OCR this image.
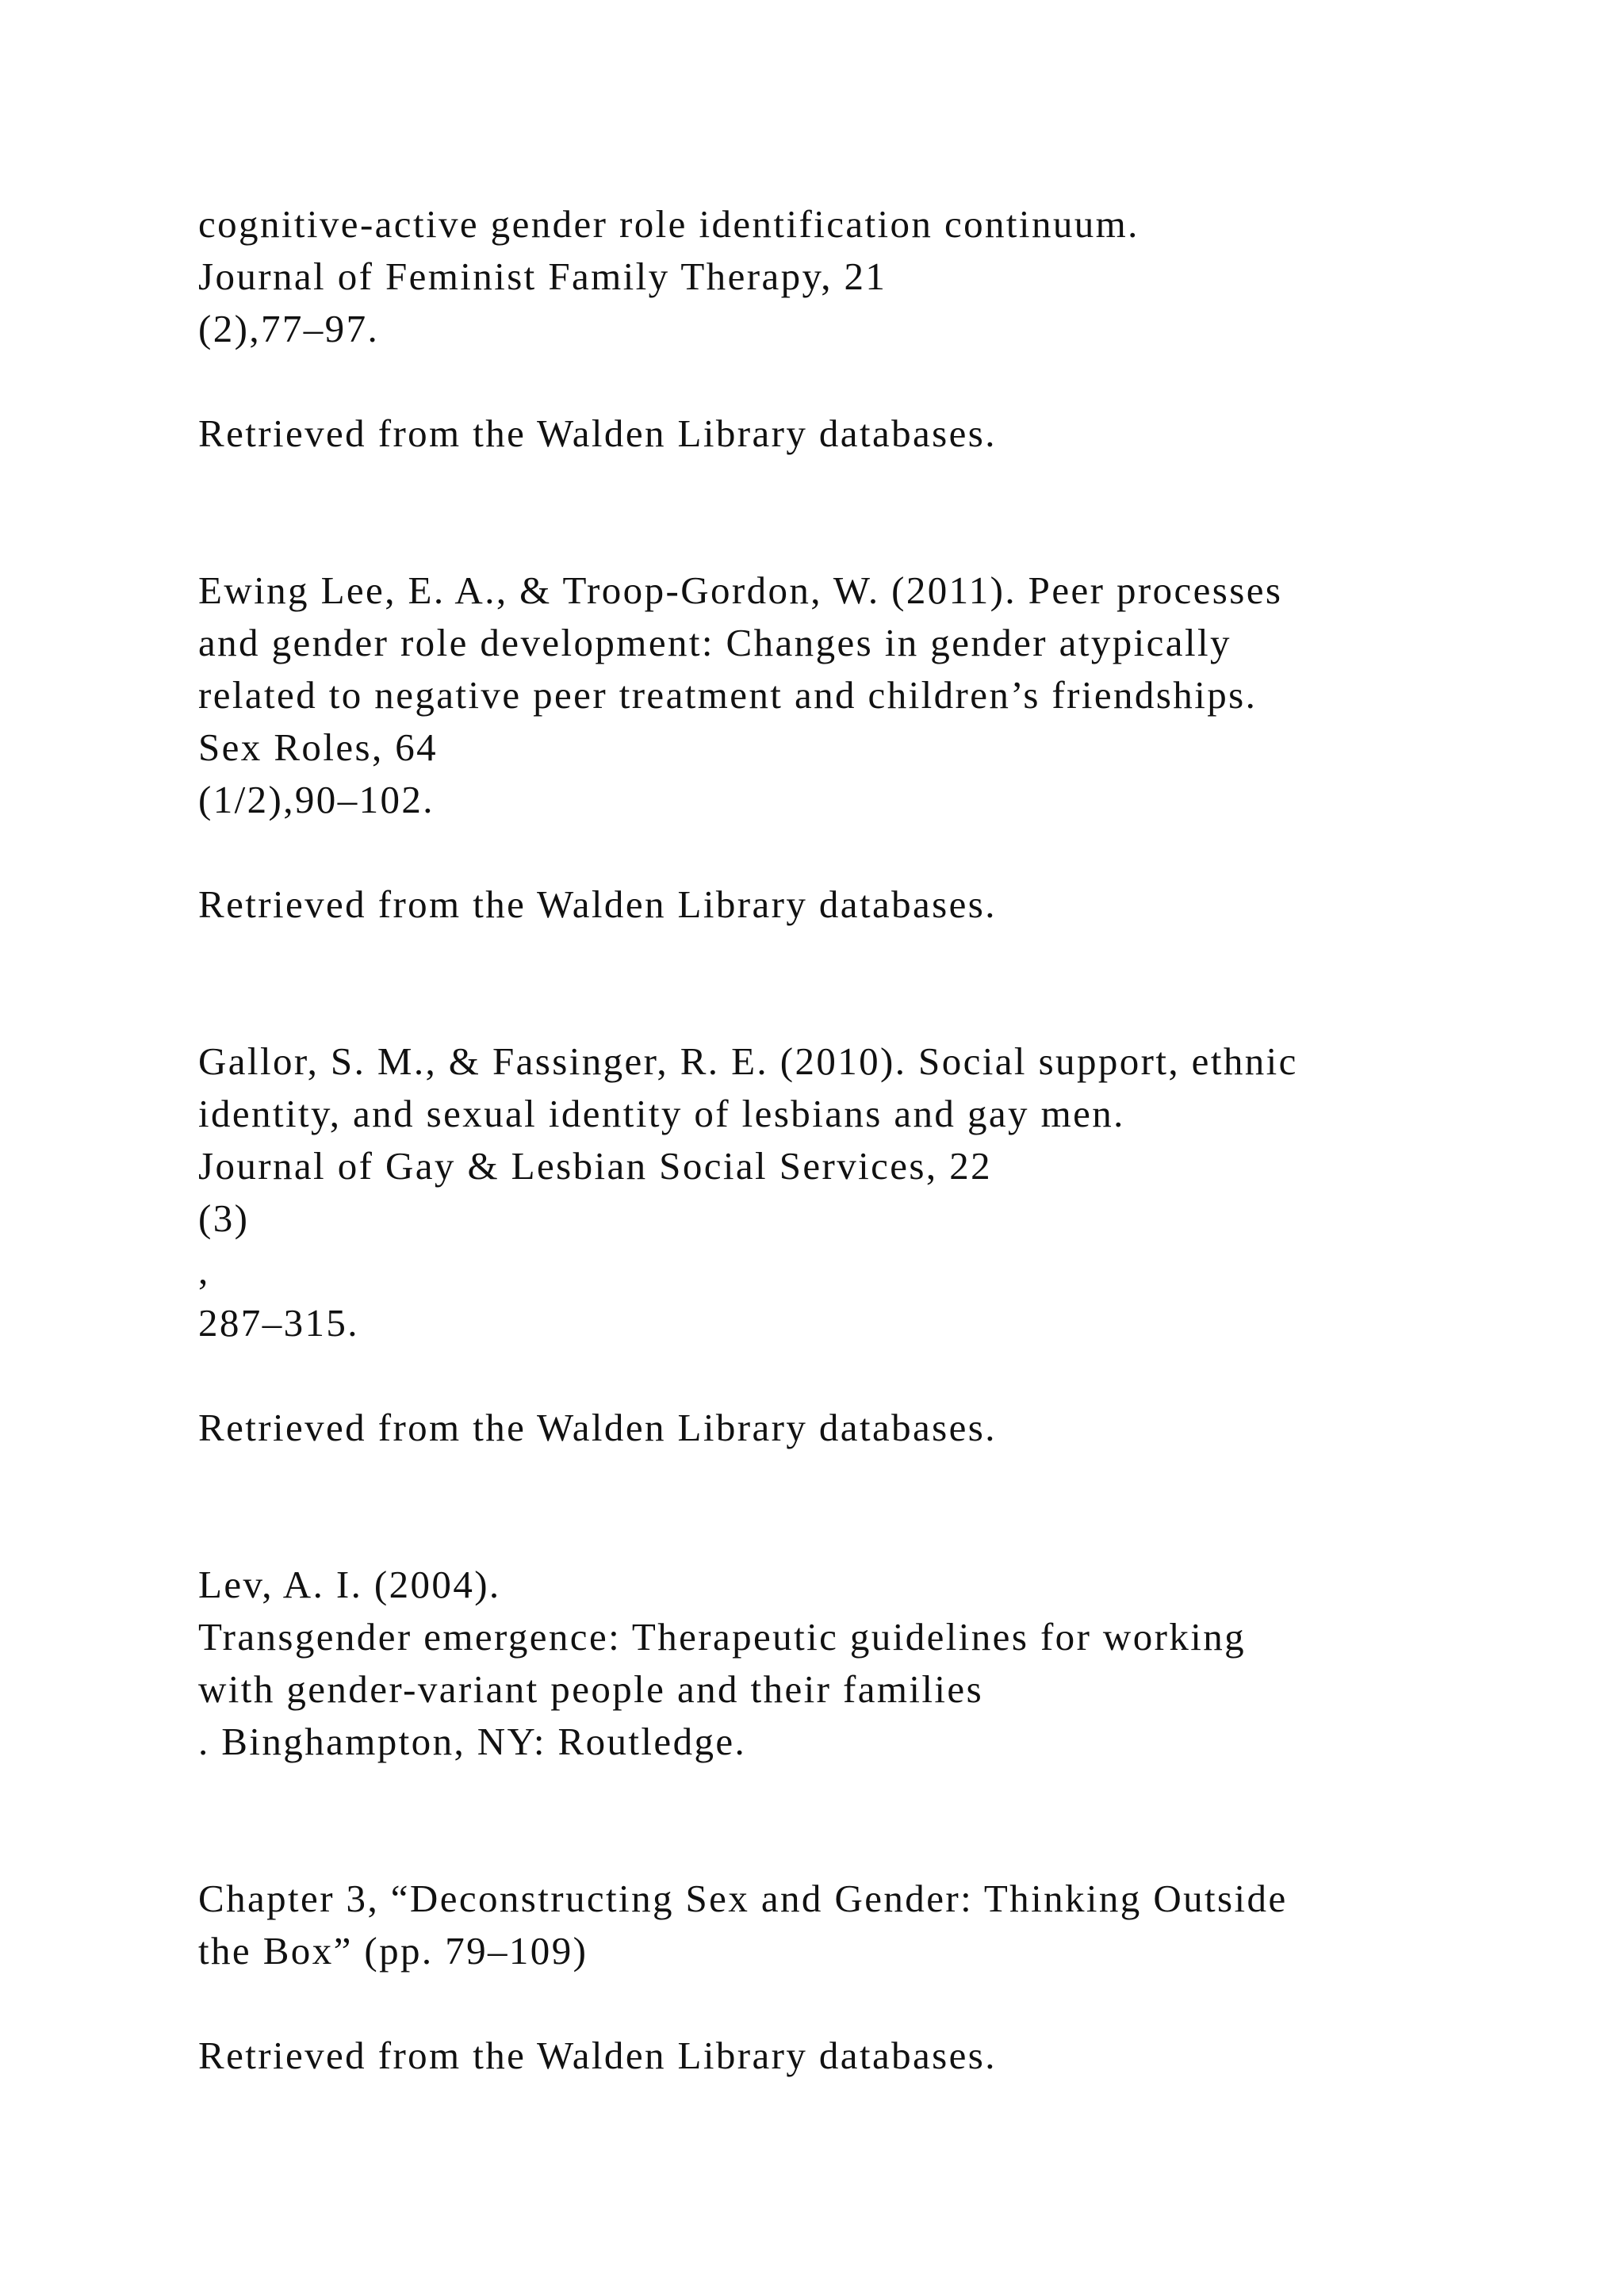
cognitive-active gender role identification continuum.
Journal of Feminist Family Therapy, 21
(2),77–97.
Retrieved from the Walden Library databases.
Ewing Lee, E. A., & Troop-Gordon, W. (2011). Peer processes
and gender role development: Changes in gender atypically
related to negative peer treatment and children’s friendships.
Sex Roles, 64
(1/2),90–102.
Retrieved from the Walden Library databases.
Gallor, S. M., & Fassinger, R. E. (2010). Social support, ethnic
identity, and sexual identity of lesbians and gay men.
Journal of Gay & Lesbian Social Services, 22
(3)
,
287–315.
Retrieved from the Walden Library databases.
Lev, A. I. (2004).
Transgender emergence: Therapeutic guidelines for working
with gender-variant people and their families
. Binghampton, NY: Routledge.
Chapter 3, “Deconstructing Sex and Gender: Thinking Outside
the Box” (pp. 79–109)
Retrieved from the Walden Library databases.
